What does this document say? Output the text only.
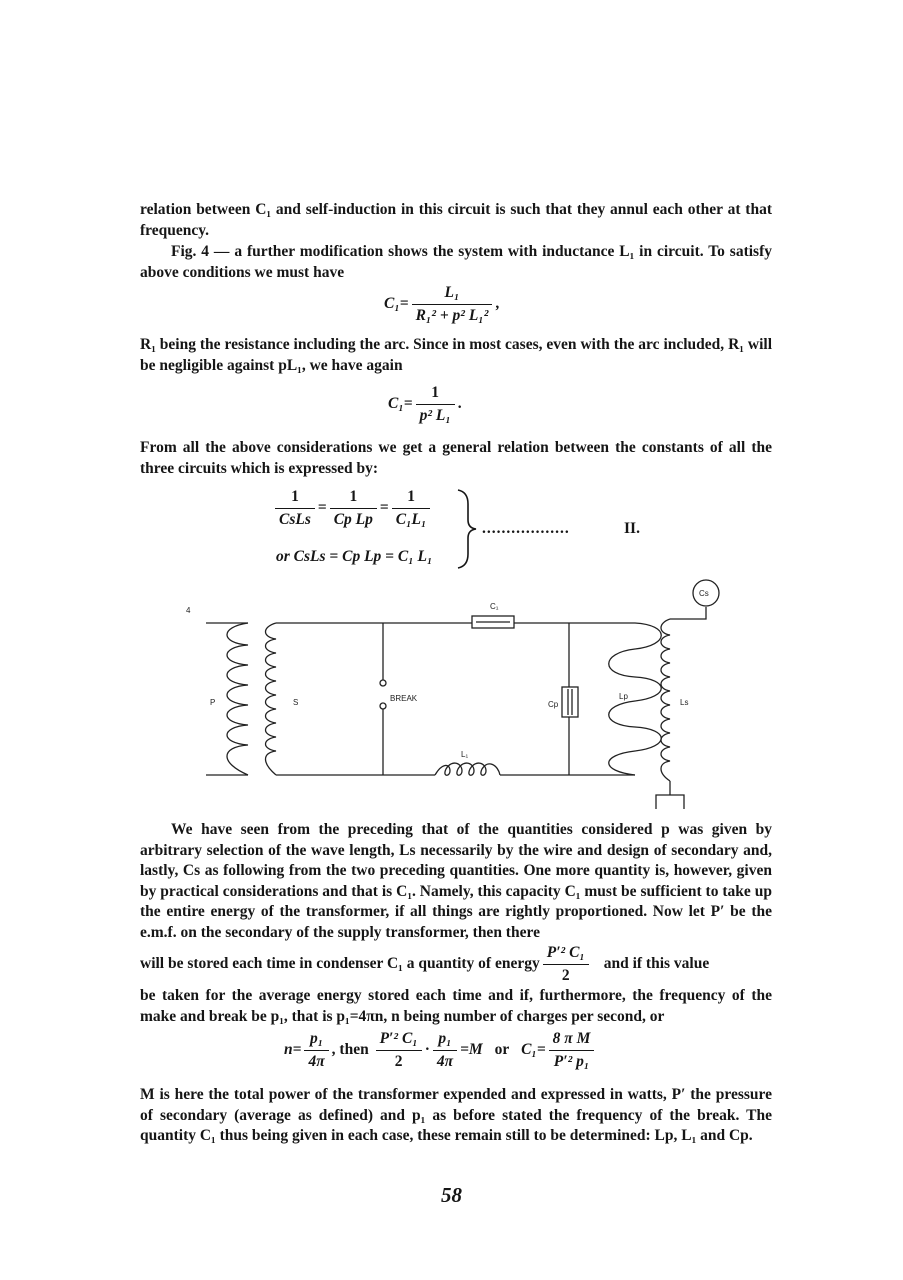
relation between C₁ and self-induction in this circuit is such that they annul each other at that frequency.

Fig. 4 — a further modification shows the system with inductance L₁ in circuit. To satisfy above conditions we must have

$C_1= \frac{\text{L₁}}{\text{R₁² + p² L₁²}}$ ,

R₁ being the resistance including the arc. Since in most cases, even with the arc included, R₁ will be negligible against pL₁, we have again

$C_1= \frac{1}{\text{p² L₁}}$ .

From all the above considerations we get a general relation between the constants of all the three circuits which is expressed by:

$\frac{1}{\text{CsLs}} = \frac{1}{\text{Cp Lp}} = \frac{1}{\text{C₁L₁}}$
or CsLs = Cp Lp = C₁ L₁
..................	II.
4
P	S	BREAK
C₁
L₁
Cp
Lp
Ls
Cs

We have seen from the preceding that of the quantities considered p was given by arbitrary selection of the wave length, Ls necessarily by the wire and design of secondary and, lastly, Cs as following from the two preceding quantities. One more quantity is, however, given by practical considerations and that is C₁. Namely, this capacity C₁ must be sufficient to take up the entire energy of the transformer, if all things are rightly proportioned. Now let P′ be the e.m.f. on the secondary of the supply transformer, then there

will be stored each time in condenser C₁ a quantity of energy $\frac{\text{P′² C₁}}{2}$ and if this value

be taken for the average energy stored each time and if, furthermore, the frequency of the make and break be p₁, that is p₁=4πn, n being number of charges per second, or

$n= \frac{\text{p₁}}{4\pi}$ , then $\frac{\text{P′² C₁}}{2} \cdot \frac{\text{p₁}}{4\pi} =M$ or $C_1= \frac{\text{8 π M}}{\text{P′² p₁}}$

M is here the total power of the transformer expended and expressed in watts, P′ the pressure of secondary (average as defined) and p₁ as before stated the frequency of the break. The quantity C₁ thus being given in each case, these remain still to be determined: Lp, L₁ and Cp.

58
